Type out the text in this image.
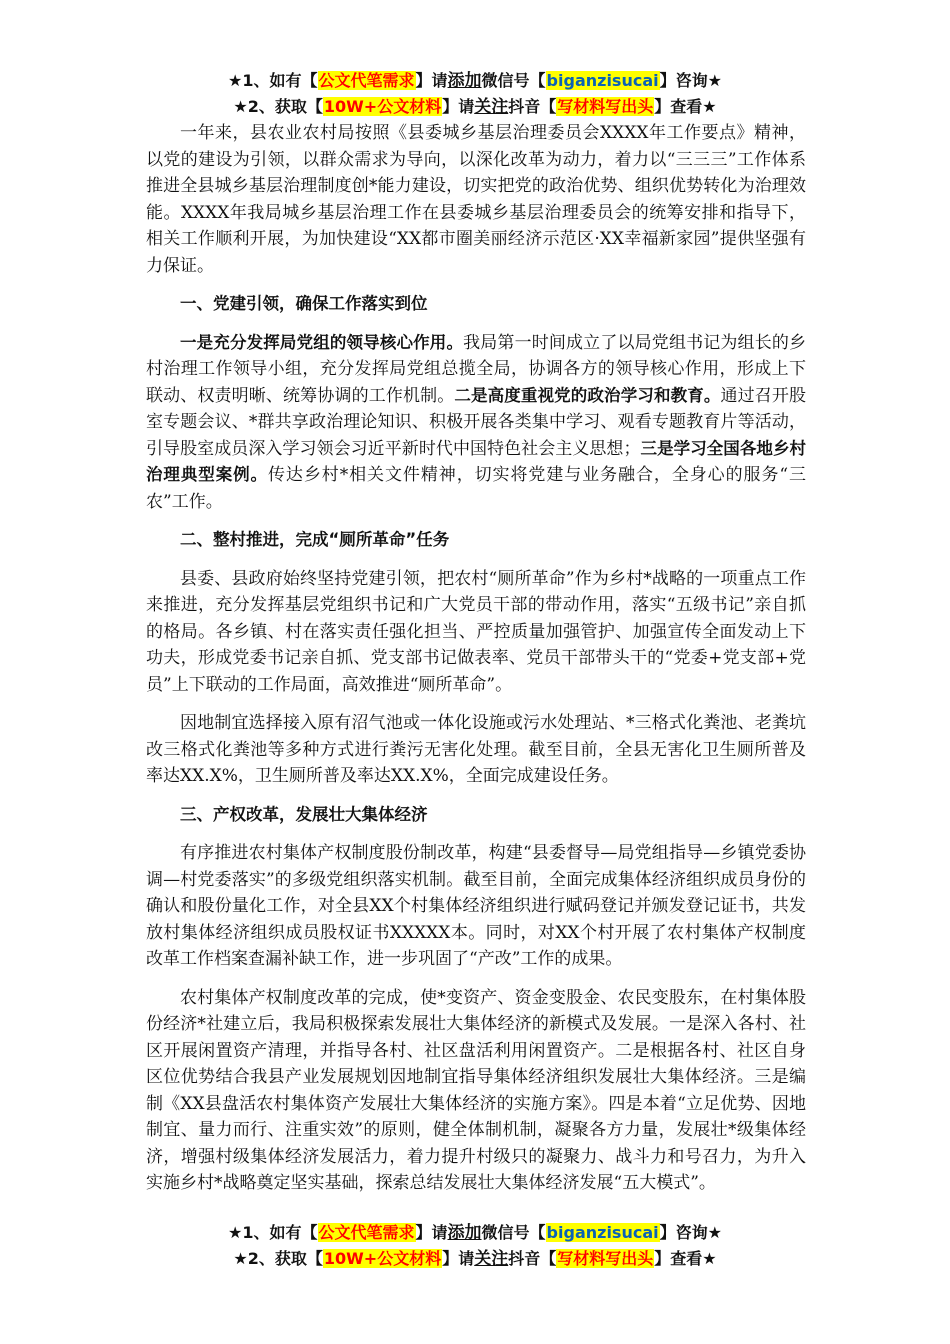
★1、如有【公文代笔需求】请添加微信号【biganzisucai】咨询★
★2、获取【10W+公文材料】请关注抖音【写材料写出头】查看★

一年来，县农业农村局按照《县委城乡基层治理委员会XXXX年工作要点》精神，以党的建设为引领，以群众需求为导向，以深化改革为动力，着力以“三三三”工作体系推进全县城乡基层治理制度创*能力建设，切实把党的政治优势、组织优势转化为治理效能。XXXX年我局城乡基层治理工作在县委城乡基层治理委员会的统筹安排和指导下，相关工作顺利开展，为加快建设“XX都市圈美丽经济示范区·XX幸福新家园”提供坚强有力保证。

一、党建引领，确保工作落实到位

一是充分发挥局党组的领导核心作用。我局第一时间成立了以局党组书记为组长的乡村治理工作领导小组，充分发挥局党组总揽全局，协调各方的领导核心作用，形成上下联动、权责明晰、统筹协调的工作机制。二是高度重视党的政治学习和教育。通过召开股室专题会议、*群共享政治理论知识、积极开展各类集中学习、观看专题教育片等活动，引导股室成员深入学习领会习近平新时代中国特色社会主义思想；三是学习全国各地乡村治理典型案例。传达乡村*相关文件精神，切实将党建与业务融合，全身心的服务“三农”工作。

二、整村推进，完成“厕所革命”任务

县委、县政府始终坚持党建引领，把农村“厕所革命”作为乡村*战略的一项重点工作来推进，充分发挥基层党组织书记和广大党员干部的带动作用，落实“五级书记”亲自抓的格局。各乡镇、村在落实责任强化担当、严控质量加强管护、加强宣传全面发动上下功夫，形成党委书记亲自抓、党支部书记做表率、党员干部带头干的“党委+党支部+党员”上下联动的工作局面，高效推进“厕所革命”。

因地制宜选择接入原有沼气池或一体化设施或污水处理站、*三格式化粪池、老粪坑改三格式化粪池等多种方式进行粪污无害化处理。截至目前，全县无害化卫生厕所普及率达XX.X%，卫生厕所普及率达XX.X%，全面完成建设任务。

三、产权改革，发展壮大集体经济

有序推进农村集体产权制度股份制改革，构建“县委督导—局党组指导—乡镇党委协调—村党委落实”的多级党组织落实机制。截至目前，全面完成集体经济组织成员身份的确认和股份量化工作，对全县XX个村集体经济组织进行赋码登记并颁发登记证书，共发放村集体经济组织成员股权证书XXXXX本。同时，对XX个村开展了农村集体产权制度改革工作档案查漏补缺工作，进一步巩固了“产改”工作的成果。

农村集体产权制度改革的完成，使*变资产、资金变股金、农民变股东，在村集体股份经济*社建立后，我局积极探索发展壮大集体经济的新模式及发展。一是深入各村、社区开展闲置资产清理，并指导各村、社区盘活利用闲置资产。二是根据各村、社区自身区位优势结合我县产业发展规划因地制宜指导集体经济组织发展壮大集体经济。三是编制《XX县盘活农村集体资产发展壮大集体经济的实施方案》。四是本着“立足优势、因地制宜、量力而行、注重实效”的原则，健全体制机制，凝聚各方力量，发展壮*级集体经济，增强村级集体经济发展活力，着力提升村级只的凝聚力、战斗力和号召力，为升入实施乡村*战略奠定坚实基础，探索总结发展壮大集体经济发展“五大模式”。

★1、如有【公文代笔需求】请添加微信号【biganzisucai】咨询★
★2、获取【10W+公文材料】请关注抖音【写材料写出头】查看★
